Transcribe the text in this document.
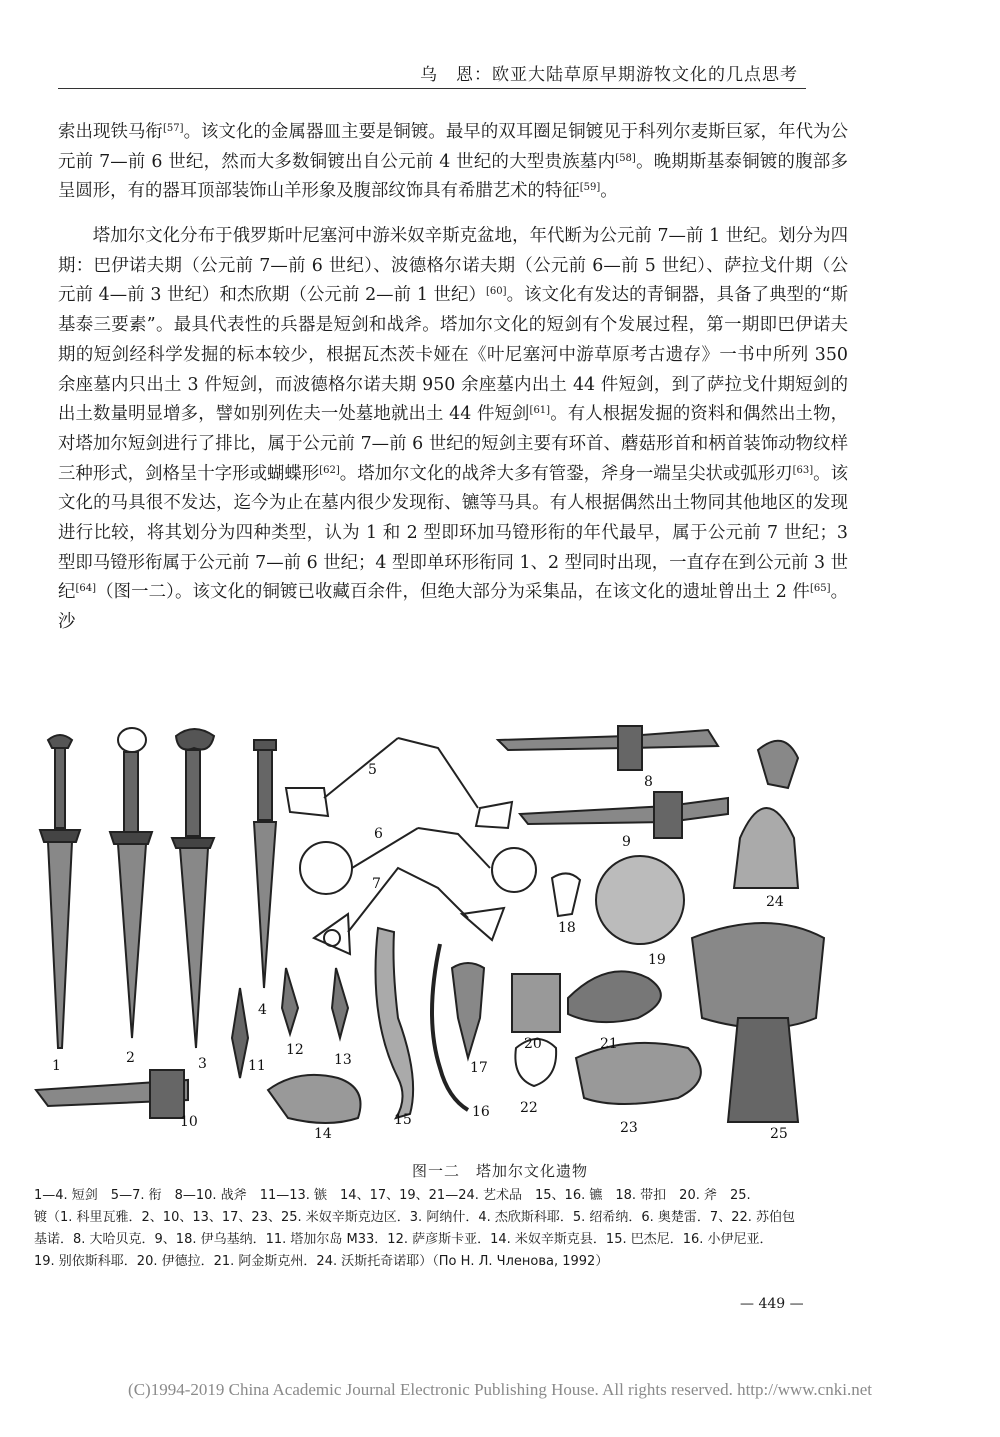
乌　恩：欧亚大陆草原早期游牧文化的几点思考
索出现铁马衔[57]。该文化的金属器皿主要是铜镀。最早的双耳圈足铜镀见于科列尔麦斯巨冢，年代为公元前 7—前 6 世纪，然而大多数铜镀出自公元前 4 世纪的大型贵族墓内[58]。晚期斯基泰铜镀的腹部多呈圆形，有的器耳顶部装饰山羊形象及腹部纹饰具有希腊艺术的特征[59]。
塔加尔文化分布于俄罗斯叶尼塞河中游米奴辛斯克盆地，年代断为公元前 7—前 1 世纪。划分为四期：巴伊诺夫期（公元前 7—前 6 世纪）、波德格尔诺夫期（公元前 6—前 5 世纪）、萨拉戈什期（公元前 4—前 3 世纪）和杰欣期（公元前 2—前 1 世纪）[60]。该文化有发达的青铜器，具备了典型的“斯基泰三要素”。最具代表性的兵器是短剑和战斧。塔加尔文化的短剑有个发展过程，第一期即巴伊诺夫期的短剑经科学发掘的标本较少，根据瓦杰茨卡娅在《叶尼塞河中游草原考古遗存》一书中所列 350 余座墓内只出土 3 件短剑，而波德格尔诺夫期 950 余座墓内出土 44 件短剑，到了萨拉戈什期短剑的出土数量明显增多，譬如别列佐夫一处墓地就出土 44 件短剑[61]。有人根据发掘的资料和偶然出土物，对塔加尔短剑进行了排比，属于公元前 7—前 6 世纪的短剑主要有环首、蘑菇形首和柄首装饰动物纹样三种形式，剑格呈十字形或蝴蝶形[62]。塔加尔文化的战斧大多有管銎，斧身一端呈尖状或弧形刃[63]。该文化的马具很不发达，迄今为止在墓内很少发现衔、镳等马具。有人根据偶然出土物同其他地区的发现进行比较，将其划分为四种类型，认为 1 和 2 型即环加马镫形衔的年代最早，属于公元前 7 世纪；3 型即马镫形衔属于公元前 7—前 6 世纪；4 型即单环形衔同 1、2 型同时出现，一直存在到公元前 3 世纪[64]（图一二）。该文化的铜镀已收藏百余件，但绝大部分为采集品，在该文化的遗址曾出土 2 件[65]。沙
1	2	3
4
5
6
7
8
9
10
11
12
13
14
15	16
17
18
19
20	21
22
23
24
25
图一二　塔加尔文化遗物
1—4. 短剑　5—7. 衔　8—10. 战斧　11—13. 镞　14、17、19、21—24. 艺术品　15、16. 镳　18. 带扣　20. 斧　25.
镀（1. 科里瓦雅．2、10、13、17、23、25. 米奴辛斯克边区．3. 阿纳什．4. 杰欣斯科耶．5. 绍希纳．6. 奥楚雷．7、22. 苏伯包
基诺．8. 大哈贝克．9、18. 伊乌基纳．11. 塔加尔岛 M33．12. 萨彦斯卡亚．14. 米奴辛斯克县．15. 巴杰尼．16. 小伊尼亚．
19. 别依斯科耶．20. 伊德拉．21. 阿金斯克州．24. 沃斯托奇诺耶）（По Н. Л. Членова, 1992）
— 449 —
(C)1994-2019 China Academic Journal Electronic Publishing House. All rights reserved. http://www.cnki.net
